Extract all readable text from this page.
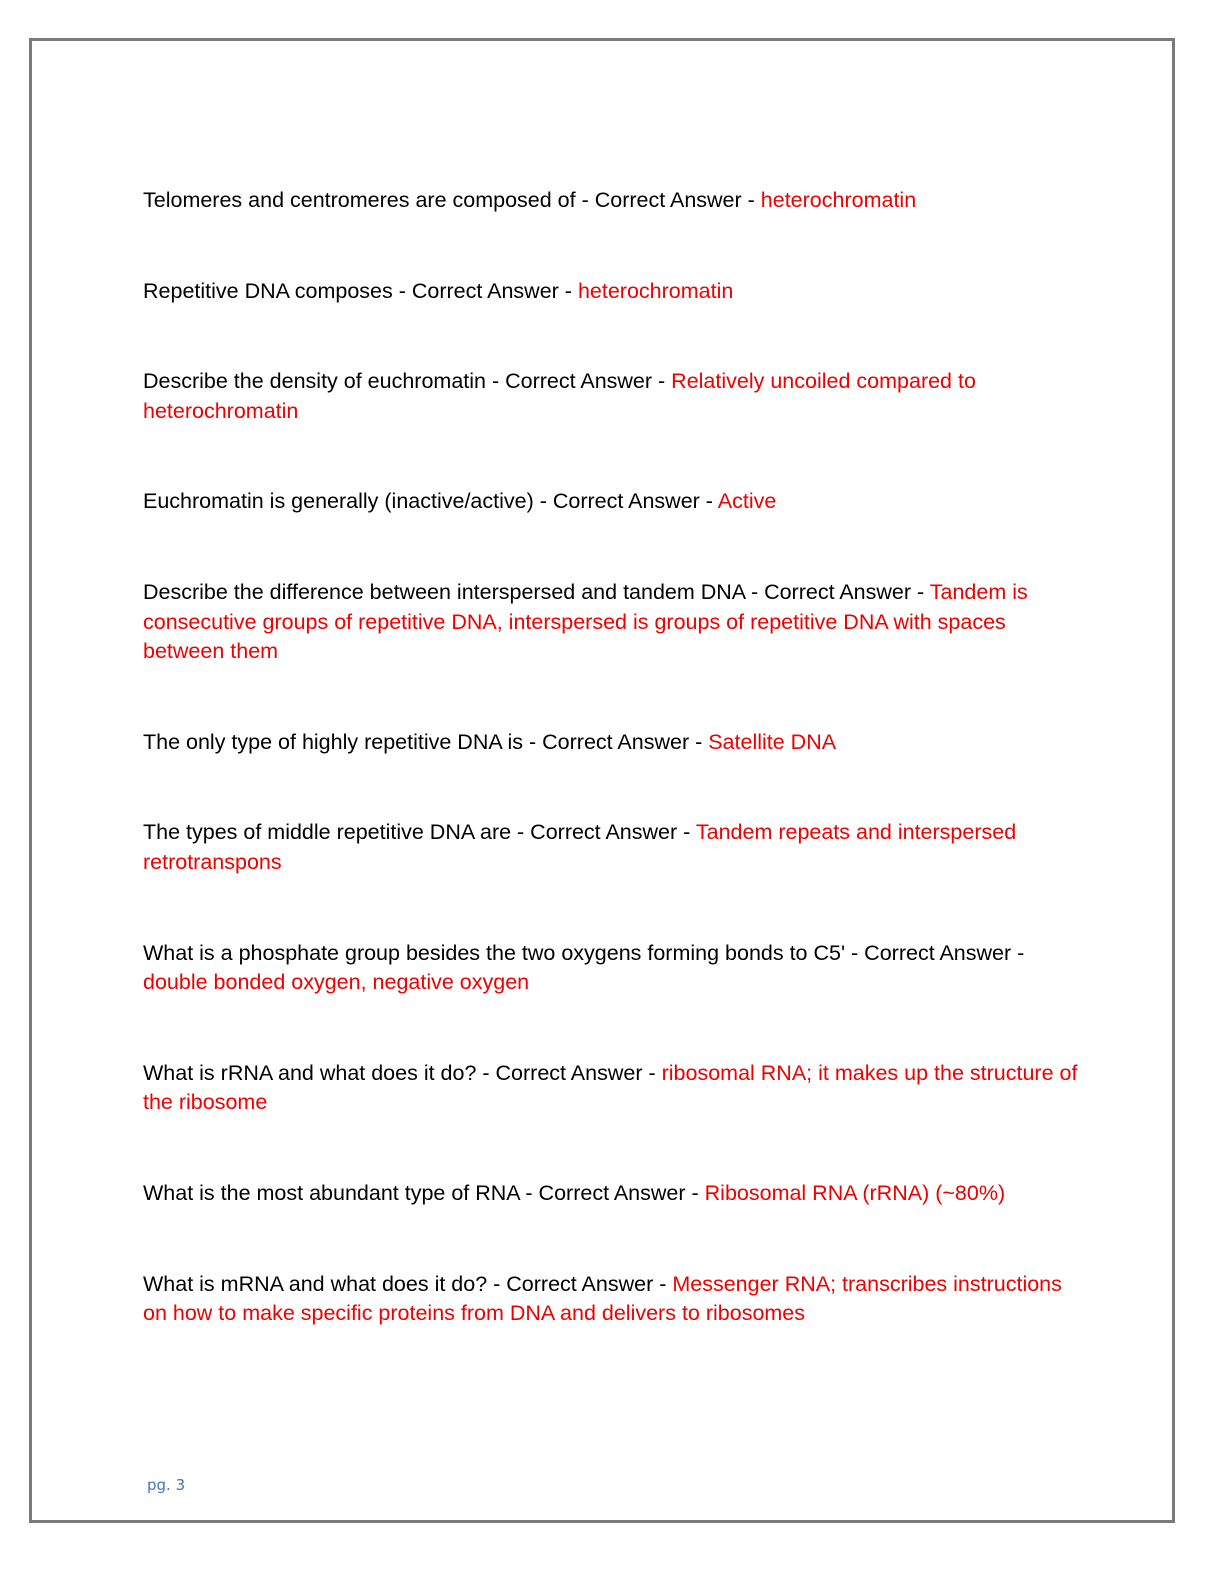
Telomeres and centromeres are composed of - Correct Answer - heterochromatin
Repetitive DNA composes - Correct Answer - heterochromatin
Describe the density of euchromatin - Correct Answer - Relatively uncoiled compared to heterochromatin
Euchromatin is generally (inactive/active) - Correct Answer - Active
Describe the difference between interspersed and tandem DNA - Correct Answer - Tandem is consecutive groups of repetitive DNA, interspersed is groups of repetitive DNA with spaces between them
The only type of highly repetitive DNA is - Correct Answer - Satellite DNA
The types of middle repetitive DNA are - Correct Answer - Tandem repeats and interspersed retrotranspons
What is a phosphate group besides the two oxygens forming bonds to C5' - Correct Answer - double bonded oxygen, negative oxygen
What is rRNA and what does it do? - Correct Answer - ribosomal RNA; it makes up the structure of the ribosome
What is the most abundant type of RNA - Correct Answer - Ribosomal RNA (rRNA) (~80%)
What is mRNA and what does it do? - Correct Answer - Messenger RNA; transcribes instructions on how to make specific proteins from DNA and delivers to ribosomes
pg. 3
